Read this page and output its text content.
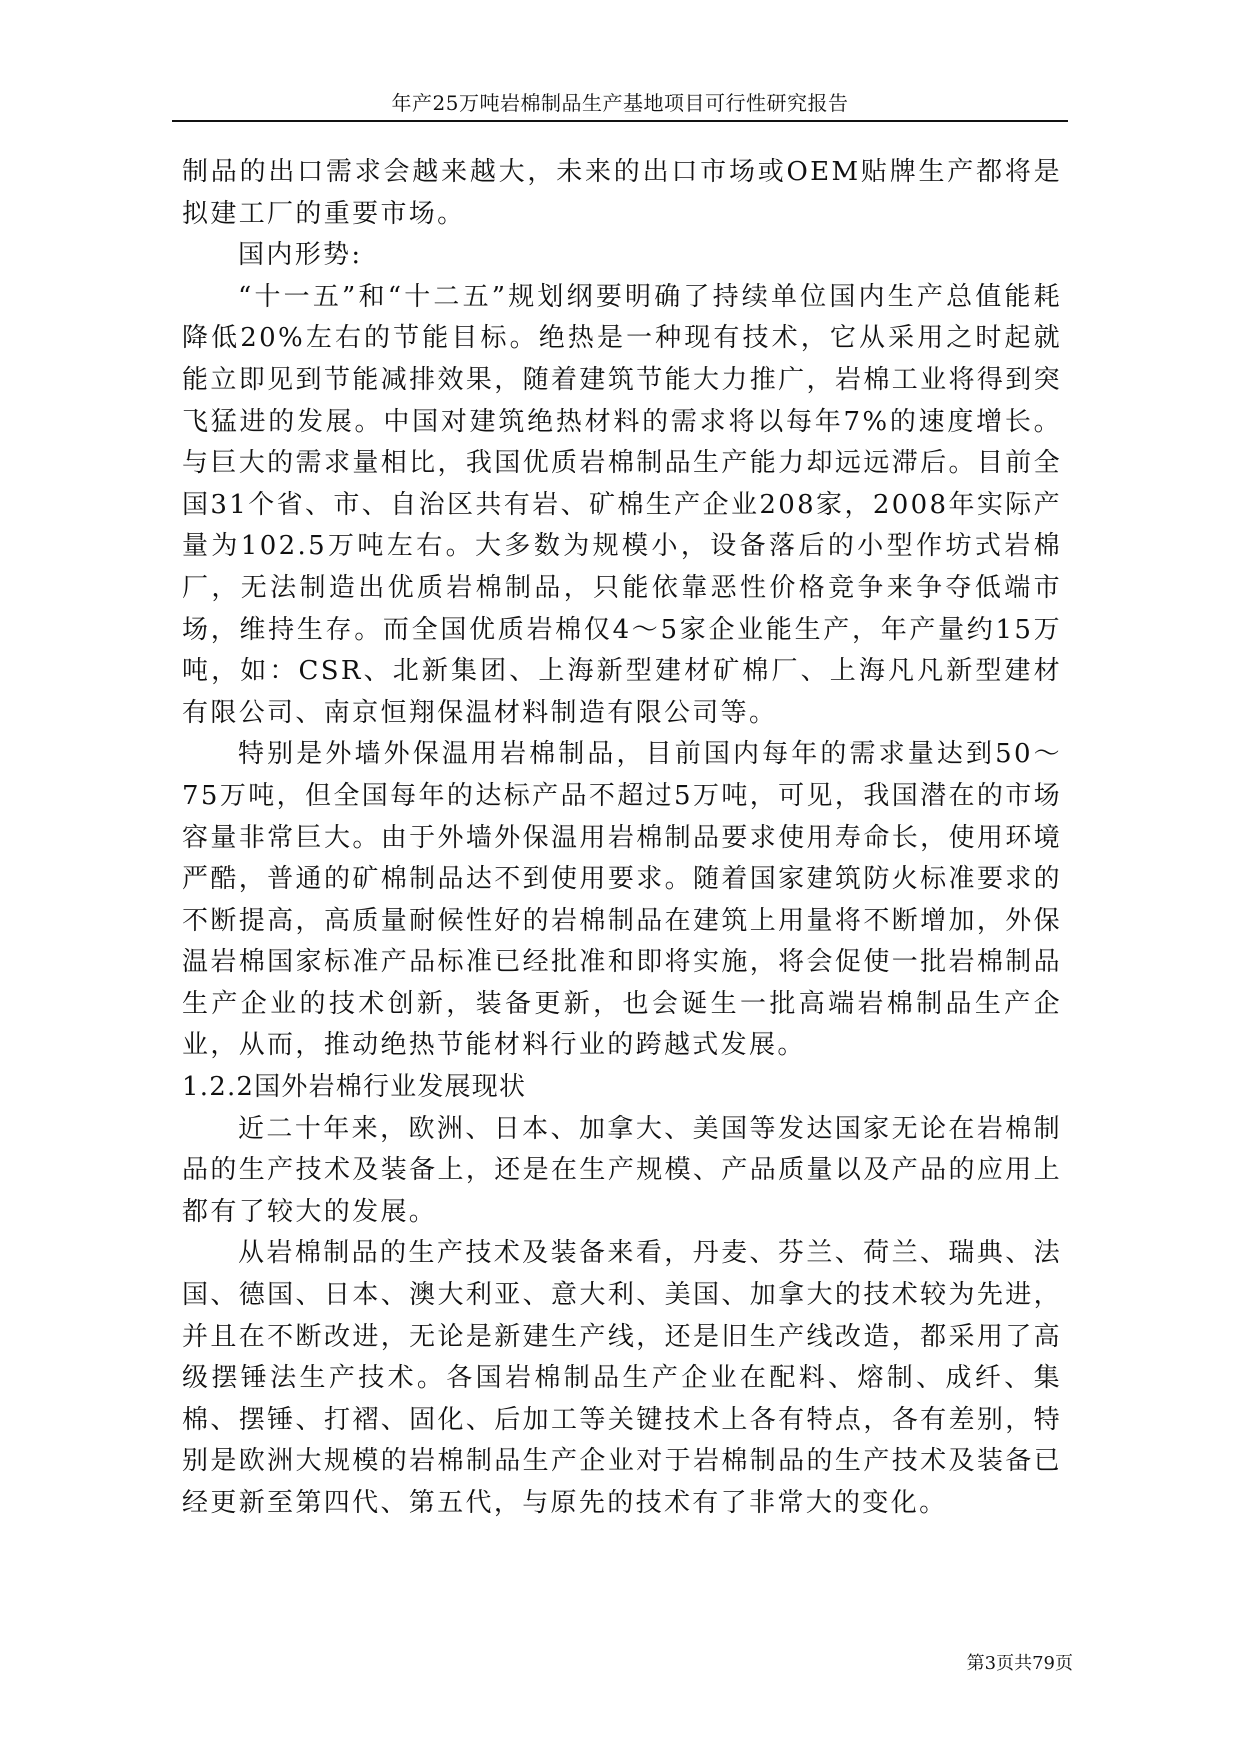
年产25万吨岩棉制品生产基地项目可行性研究报告

制品的出口需求会越来越大，未来的出口市场或OEM贴牌生产都将是拟建工厂的重要市场。

国内形势:

“十一五”和“十二五”规划纲要明确了持续单位国内生产总值能耗降低20%左右的节能目标。绝热是一种现有技术，它从采用之时起就能立即见到节能减排效果，随着建筑节能大力推广，岩棉工业将得到突飞猛进的发展。中国对建筑绝热材料的需求将以每年7%的速度增长。与巨大的需求量相比，我国优质岩棉制品生产能力却远远滞后。目前全国31个省、市、自治区共有岩、矿棉生产企业208家，2008年实际产量为102.5万吨左右。大多数为规模小，设备落后的小型作坊式岩棉厂，无法制造出优质岩棉制品，只能依靠恶性价格竞争来争夺低端市场，维持生存。而全国优质岩棉仅4～5家企业能生产，年产量约15万吨，如：CSR、北新集团、上海新型建材矿棉厂、上海凡凡新型建材有限公司、南京恒翔保温材料制造有限公司等。

特别是外墙外保温用岩棉制品，目前国内每年的需求量达到50～75万吨，但全国每年的达标产品不超过5万吨，可见，我国潜在的市场容量非常巨大。由于外墙外保温用岩棉制品要求使用寿命长，使用环境严酷，普通的矿棉制品达不到使用要求。随着国家建筑防火标准要求的不断提高，高质量耐候性好的岩棉制品在建筑上用量将不断增加，外保温岩棉国家标准产品标准已经批准和即将实施，将会促使一批岩棉制品生产企业的技术创新，装备更新，也会诞生一批高端岩棉制品生产企业，从而，推动绝热节能材料行业的跨越式发展。

1.2.2国外岩棉行业发展现状

近二十年来，欧洲、日本、加拿大、美国等发达国家无论在岩棉制品的生产技术及装备上，还是在生产规模、产品质量以及产品的应用上都有了较大的发展。

从岩棉制品的生产技术及装备来看，丹麦、芬兰、荷兰、瑞典、法国、德国、日本、澳大利亚、意大利、美国、加拿大的技术较为先进，并且在不断改进，无论是新建生产线，还是旧生产线改造，都采用了高级摆锤法生产技术。各国岩棉制品生产企业在配料、熔制、成纤、集棉、摆锤、打褶、固化、后加工等关键技术上各有特点，各有差别，特别是欧洲大规模的岩棉制品生产企业对于岩棉制品的生产技术及装备已经更新至第四代、第五代，与原先的技术有了非常大的变化。

第3页共79页
